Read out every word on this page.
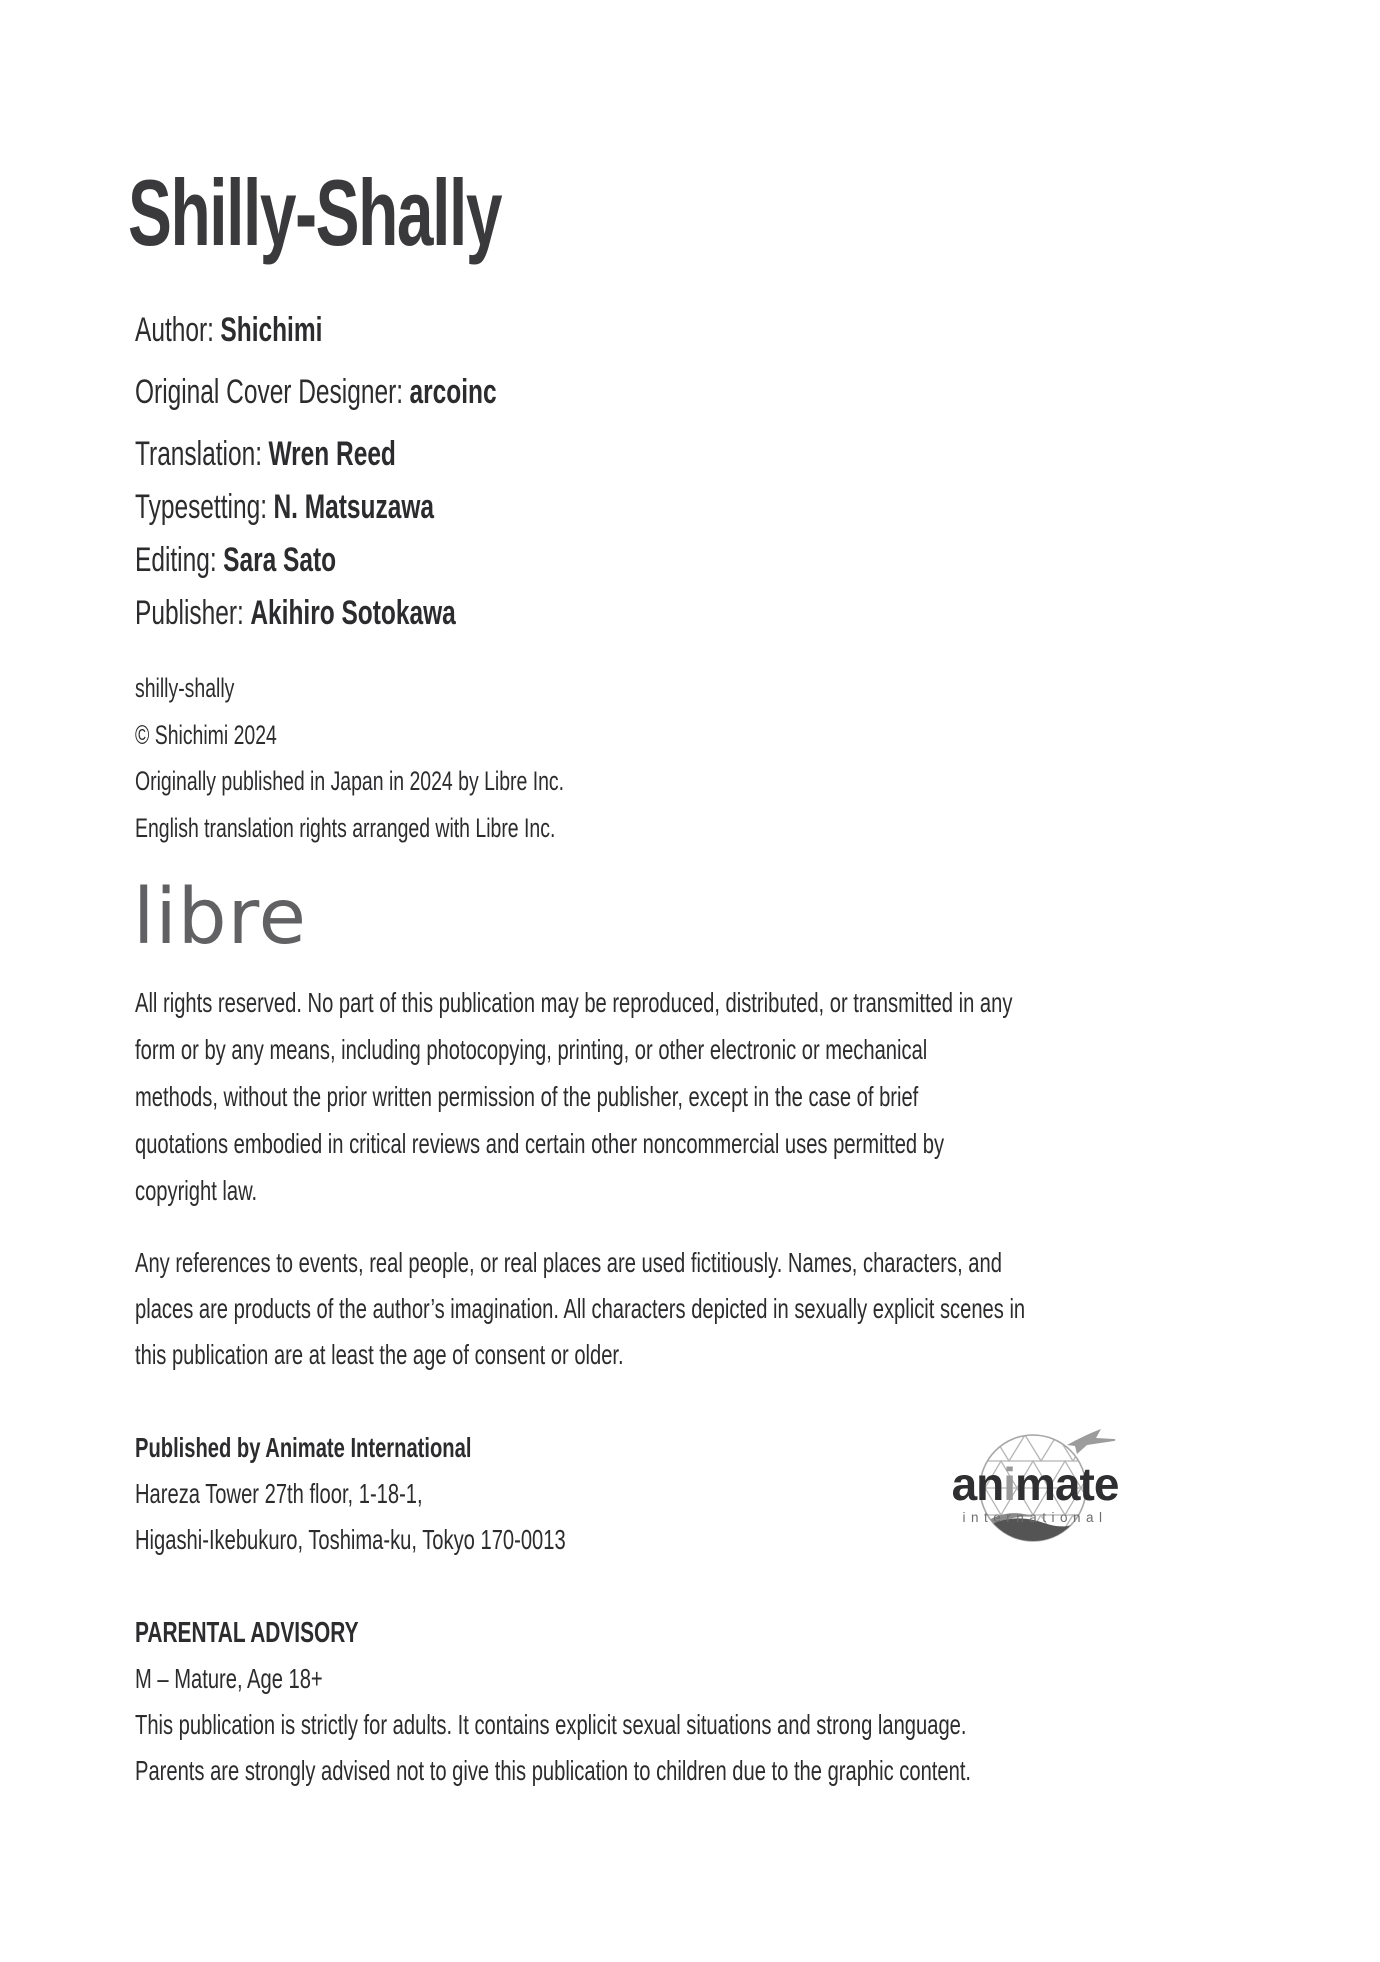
Shilly-Shally
Author: Shichimi
Original Cover Designer: arcoinc
Translation: Wren Reed
Typesetting: N. Matsuzawa
Editing: Sara Sato
Publisher: Akihiro Sotokawa
shilly-shally
© Shichimi 2024
Originally published in Japan in 2024 by Libre Inc.
English translation rights arranged with Libre Inc.
libre
All rights reserved. No part of this publication may be reproduced, distributed, or transmitted in any
form or by any means, including photocopying, printing, or other electronic or mechanical
methods, without the prior written permission of the publisher, except in the case of brief
quotations embodied in critical reviews and certain other noncommercial uses permitted by
copyright law.
Any references to events, real people, or real places are used fictitiously. Names, characters, and
places are products of the author’s imagination. All characters depicted in sexually explicit scenes in
this publication are at least the age of consent or older.
Published by Animate International
Hareza Tower 27th floor, 1-18-1,
Higashi-Ikebukuro, Toshima-ku, Tokyo 170-0013
animate
international
PARENTAL ADVISORY
M – Mature, Age 18+
This publication is strictly for adults. It contains explicit sexual situations and strong language.
Parents are strongly advised not to give this publication to children due to the graphic content.
